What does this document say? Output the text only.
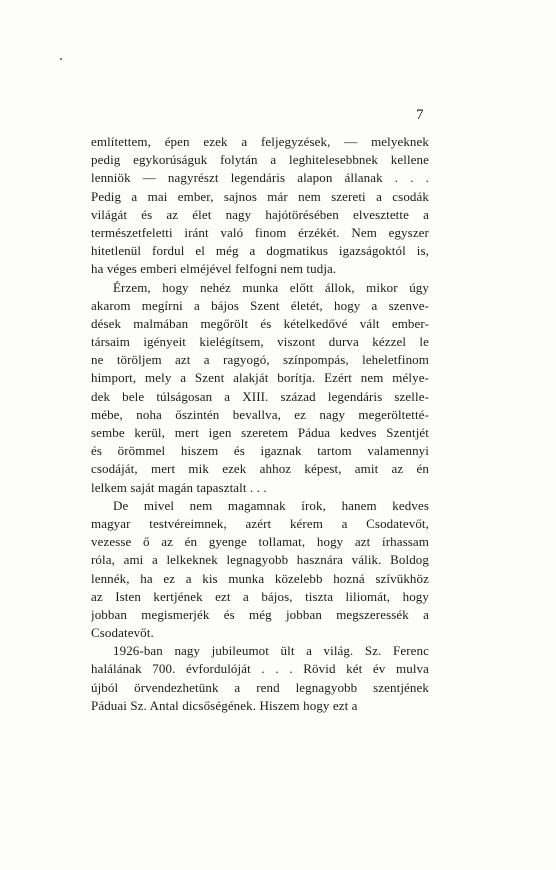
7
említettem, épen ezek a feljegyzések, — melyeknek
pedig egykorúságuk folytán a leghitelesebbnek kellene
lenniök — nagyrészt legendáris alapon állanak . . .
Pedig a mai ember, sajnos már nem szereti a csodák
világát és az élet nagy hajótörésében elvesztette a
természetfeletti iránt való finom érzékét. Nem egyszer
hitetlenül fordul el még a dogmatikus igazságoktól is,
ha véges emberi elméjével felfogni nem tudja.
Érzem, hogy nehéz munka előtt állok, mikor úgy
akarom megírni a bájos Szent életét, hogy a szenve-
dések malmában megőrölt és kételkedővé vált ember-
társaim igényeit kielégítsem, viszont durva kézzel le
ne töröljem azt a ragyogó, színpompás, leheletfinom
himport, mely a Szent alakját borítja. Ezért nem mélye-
dek bele túlságosan a XIII. század legendáris szelle-
mébe, noha őszintén bevallva, ez nagy megeröltetté-
sembe kerül, mert igen szeretem Pádua kedves Szentjét
és örömmel hiszem és igaznak tartom valamennyi
csodáját, mert mik ezek ahhoz képest, amit az én
lelkem saját magán tapasztalt . . .
De mivel nem magamnak írok, hanem kedves
magyar testvéreimnek, azért kérem a Csodatevőt,
vezesse ő az én gyenge tollamat, hogy azt írhassam
róla, ami a lelkeknek legnagyobb hasznára válik. Boldog
lennék, ha ez a kis munka közelebb hozná szívükhöz
az Isten kertjének ezt a bájos, tiszta liliomát, hogy
jobban megismerjék és még jobban megszeressék a
Csodatevőt.
1926-ban nagy jubileumot ült a világ. Sz. Ferenc
halálának 700. évfordulóját . . . Rövid két év mulva
újból örvendezhetünk a rend legnagyobb szentjének
Páduai Sz. Antal dicsőségének. Hiszem hogy ezt a
